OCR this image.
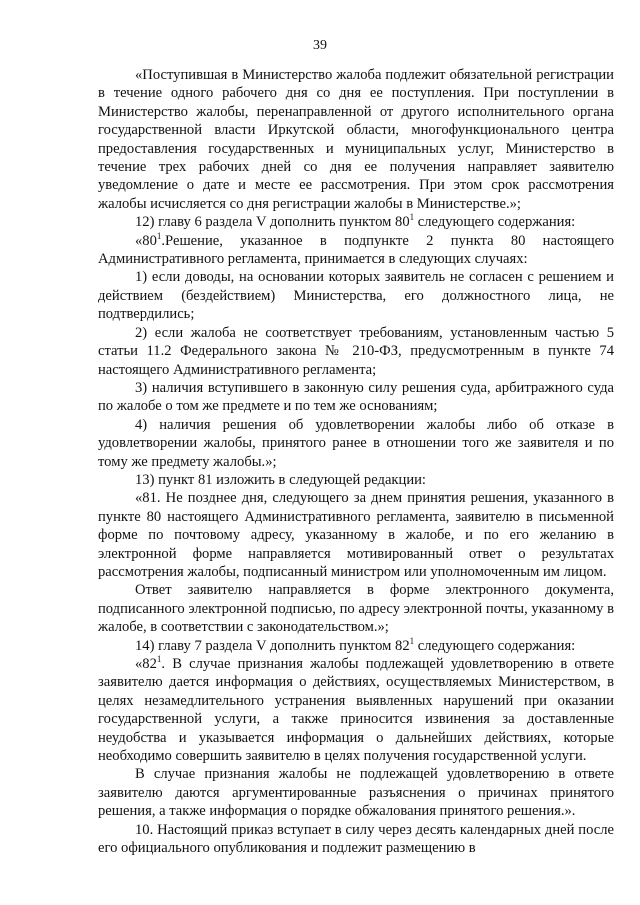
39

«Поступившая в Министерство жалоба подлежит обязательной регистрации в течение одного рабочего дня со дня ее поступления. При поступлении в Министерство жалобы, перенаправленной от другого исполнительного органа государственной власти Иркутской области, многофункционального центра предоставления государственных и муниципальных услуг, Министерство в течение трех рабочих дней со дня ее получения направляет заявителю уведомление о дате и месте ее рассмотрения. При этом срок рассмотрения жалобы исчисляется со дня регистрации жалобы в Министерстве.»;

12) главу 6 раздела V дополнить пунктом $80^1$ следующего содержания:

«$80^1.Решение$, указанное в подпункте 2 пункта 80 настоящего Административного регламента, принимается в следующих случаях:

1) если доводы, на основании которых заявитель не согласен с решением и действием (бездействием) Министерства, его должностного лица, не подтвердились;

2) если жалоба не соответствует требованиям, установленным частью 5 статьи 11.2 Федерального закона № 210-ФЗ, предусмотренным в пункте 74 настоящего Административного регламента;

3) наличия вступившего в законную силу решения суда, арбитражного суда по жалобе о том же предмете и по тем же основаниям;

4) наличия решения об удовлетворении жалобы либо об отказе в удовлетворении жалобы, принятого ранее в отношении того же заявителя и по тому же предмету жалобы.»;

13) пункт 81 изложить в следующей редакции:

«81. Не позднее дня, следующего за днем принятия решения, указанного в пункте 80 настоящего Административного регламента, заявителю в письменной форме по почтовому адресу, указанному в жалобе, и по его желанию в электронной форме направляется мотивированный ответ о результатах рассмотрения жалобы, подписанный министром или уполномоченным им лицом.

Ответ заявителю направляется в форме электронного документа, подписанного электронной подписью, по адресу электронной почты, указанному в жалобе, в соответствии с законодательством.»;

14) главу 7 раздела V дополнить пунктом $82^1$ следующего содержания:

«$82^1$. В случае признания жалобы подлежащей удовлетворению в ответе заявителю дается информация о действиях, осуществляемых Министерством, в целях незамедлительного устранения выявленных нарушений при оказании государственной услуги, а также приносится извинения за доставленные неудобства и указывается информация о дальнейших действиях, которые необходимо совершить заявителю в целях получения государственной услуги.

В случае признания жалобы не подлежащей удовлетворению в ответе заявителю даются аргументированные разъяснения о причинах принятого решения, а также информация о порядке обжалования принятого решения.».

10. Настоящий приказ вступает в силу через десять календарных дней после его официального опубликования и подлежит размещению в
